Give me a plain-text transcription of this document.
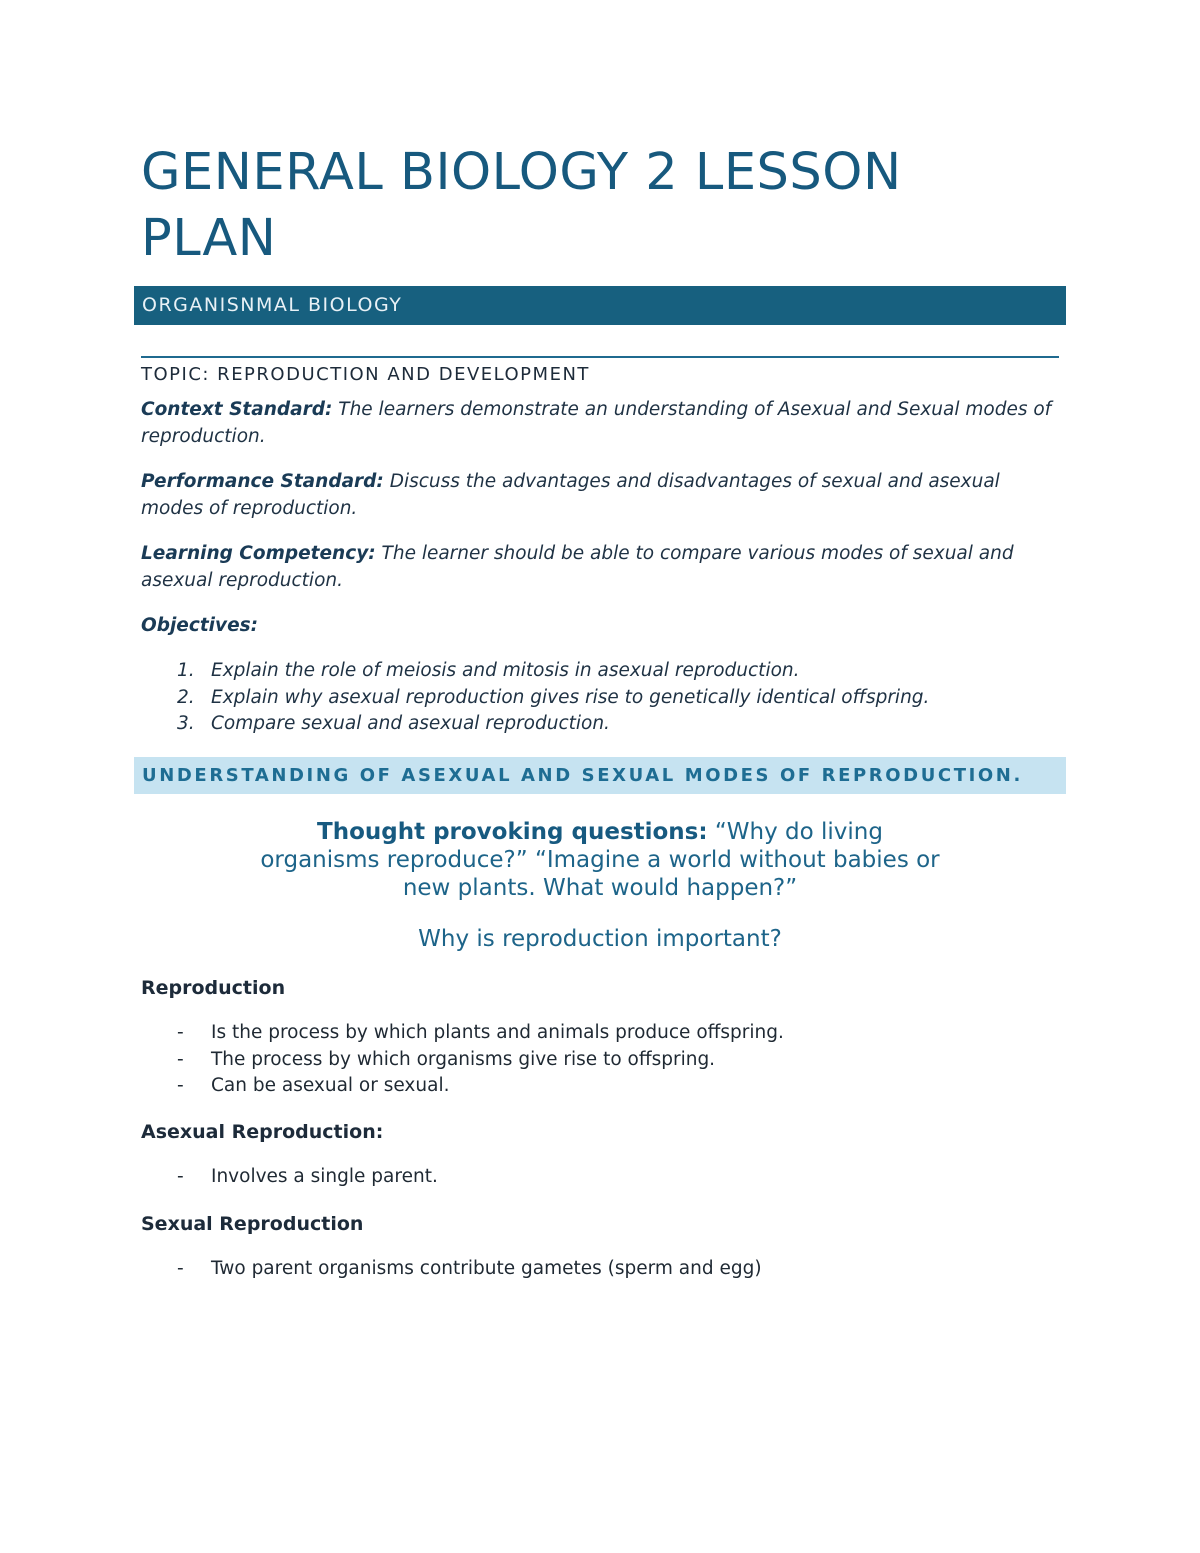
GENERAL BIOLOGY 2 LESSON PLAN
ORGANISNMAL BIOLOGY
TOPIC: REPRODUCTION AND DEVELOPMENT

Context Standard: The learners demonstrate an understanding of Asexual and Sexual modes of reproduction.

Performance Standard: Discuss the advantages and disadvantages of sexual and asexual modes of reproduction.

Learning Competency: The learner should be able to compare various modes of sexual and asexual reproduction.

Objectives:
1. Explain the role of meiosis and mitosis in asexual reproduction.
2. Explain why asexual reproduction gives rise to genetically identical offspring.
3. Compare sexual and asexual reproduction.
UNDERSTANDING OF ASEXUAL AND SEXUAL MODES OF REPRODUCTION.

Thought provoking questions: “Why do living
organisms reproduce?” “Imagine a world without babies or
new plants. What would happen?”

Why is reproduction important?
Reproduction
- Is the process by which plants and animals produce offspring.
- The process by which organisms give rise to offspring.
- Can be asexual or sexual.
Asexual Reproduction:
- Involves a single parent.
Sexual Reproduction
- Two parent organisms contribute gametes (sperm and egg)
